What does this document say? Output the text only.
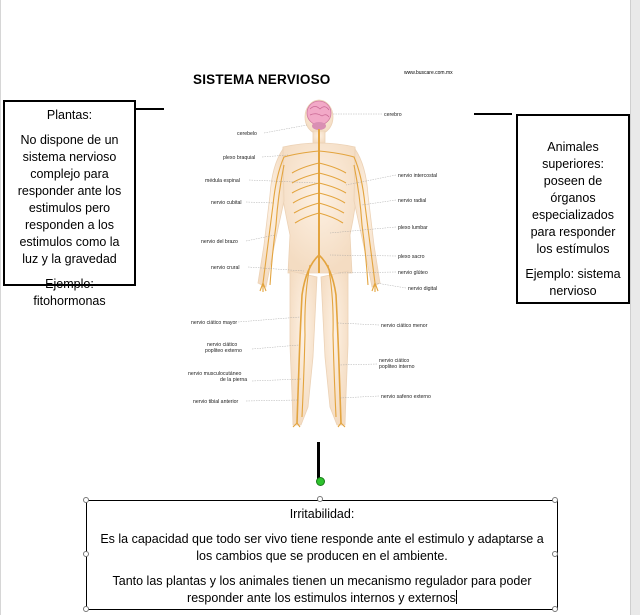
SISTEMA NERVIOSO	www.buscare.com.mx

Plantas:

No dispone de un sistema nervioso complejo para responder ante los estimulos pero responden a los estimulos como la luz y la gravedad

Ejemplo: fitohormonas

Animales superiores: poseen de órganos especializados para responder los estímulos

Ejemplo: sistema nervioso

cerebro
cerebelo
plexo braquial
nervio intercostal
médula espinal
nervio cubital	nervio radial
plexo lumbar
nervio del brazo
plexo sacro
nervio crural
nervio glúteo
nervio digital
nervio ciático mayor	nervio ciático menor
nervio ciático popliteo externo
nervio ciático popliteo interno
nervio musculocutáneo de la pierna
nervio tibial anterior
nervio safeno externo

Irritabilidad:

Es la capacidad que todo ser vivo tiene responde ante el estimulo y adaptarse a los cambios que se producen en el ambiente.

Tanto las plantas y los animales tienen un mecanismo regulador para poder responder ante los estimulos internos y externos
